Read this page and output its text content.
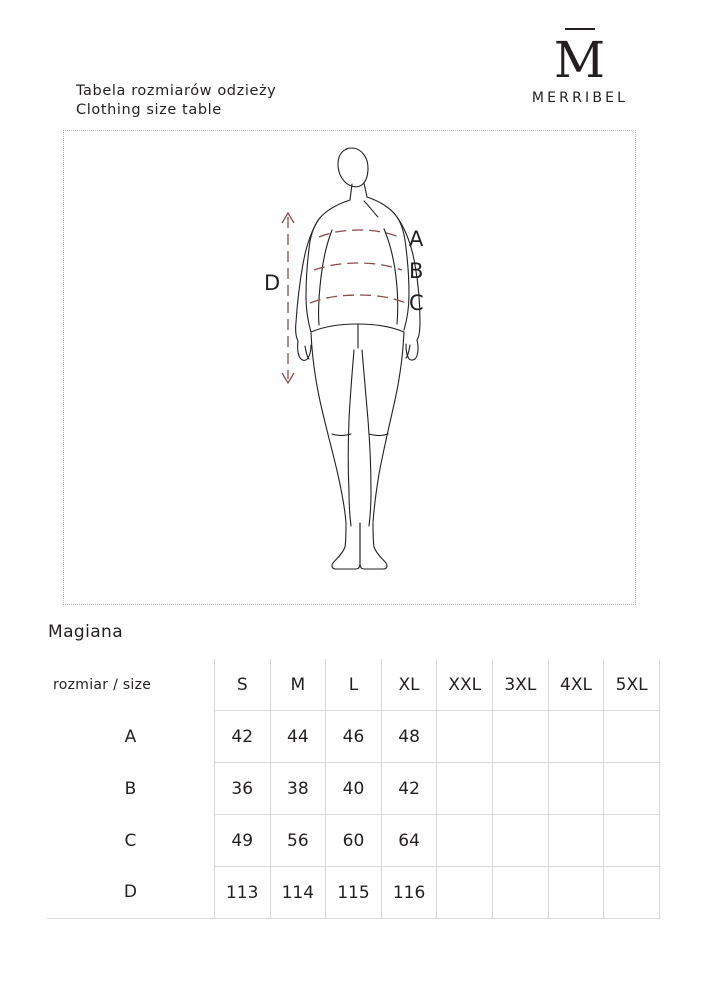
Tabela rozmiarów odzieży
Clothing size table
M
MERRIBEL
A
B
C
D
Magiana
rozmiar / size	S	M	L	XL	XXL	3XL	4XL	5XL
A	42	44	46	48				
B	36	38	40	42				
C	49	56	60	64				
D	113	114	115	116				
